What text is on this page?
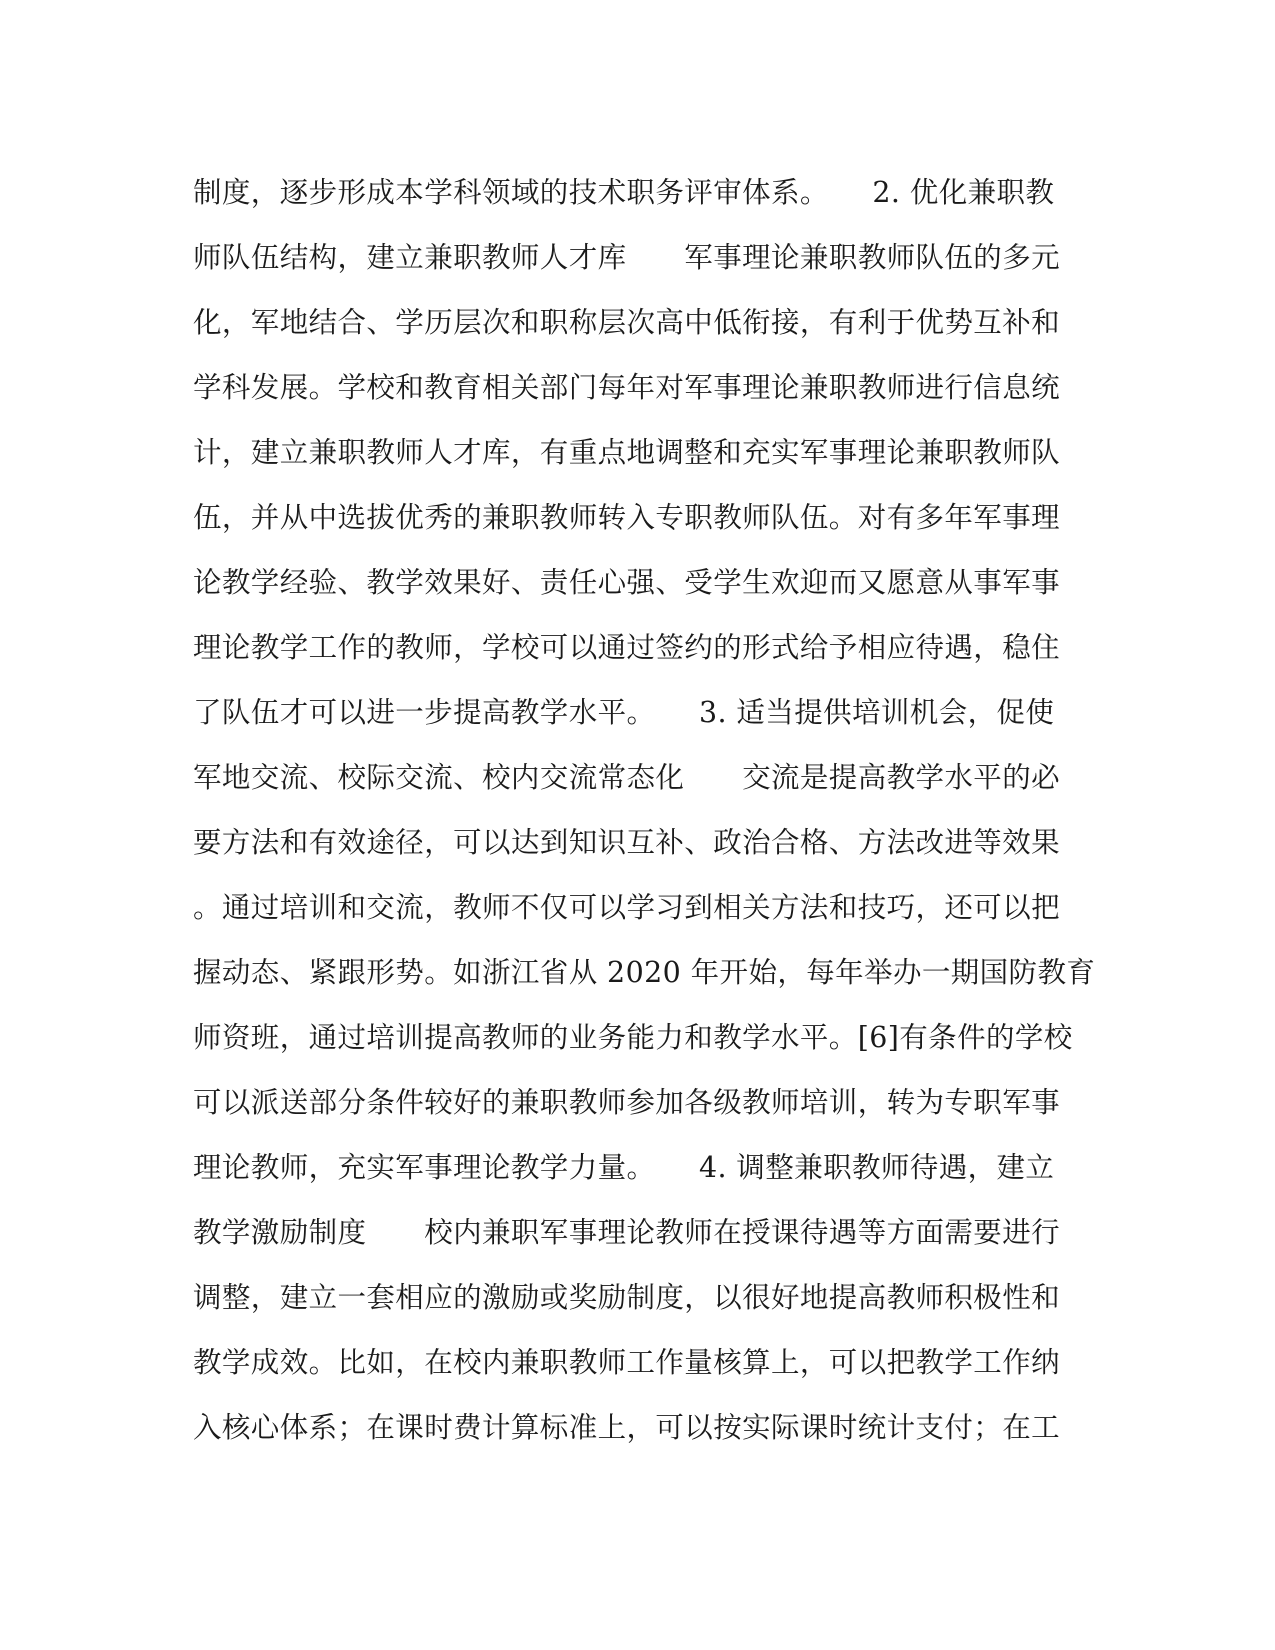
制度，逐步形成本学科领域的技术职务评审体系。　　2. 优化兼职教
师队伍结构，建立兼职教师人才库　　军事理论兼职教师队伍的多元
化，军地结合、学历层次和职称层次高中低衔接，有利于优势互补和
学科发展。学校和教育相关部门每年对军事理论兼职教师进行信息统
计，建立兼职教师人才库，有重点地调整和充实军事理论兼职教师队
伍，并从中选拔优秀的兼职教师转入专职教师队伍。对有多年军事理
论教学经验、教学效果好、责任心强、受学生欢迎而又愿意从事军事
理论教学工作的教师，学校可以通过签约的形式给予相应待遇，稳住
了队伍才可以进一步提高教学水平。　　3. 适当提供培训机会，促使
军地交流、校际交流、校内交流常态化　　交流是提高教学水平的必
要方法和有效途径，可以达到知识互补、政治合格、方法改进等效果
。通过培训和交流，教师不仅可以学习到相关方法和技巧，还可以把
握动态、紧跟形势。如浙江省从 2020 年开始，每年举办一期国防教育
师资班，通过培训提高教师的业务能力和教学水平。[6]有条件的学校
可以派送部分条件较好的兼职教师参加各级教师培训，转为专职军事
理论教师，充实军事理论教学力量。　　4. 调整兼职教师待遇，建立
教学激励制度　　校内兼职军事理论教师在授课待遇等方面需要进行
调整，建立一套相应的激励或奖励制度，以很好地提高教师积极性和
教学成效。比如，在校内兼职教师工作量核算上，可以把教学工作纳
入核心体系；在课时费计算标准上，可以按实际课时统计支付；在工
